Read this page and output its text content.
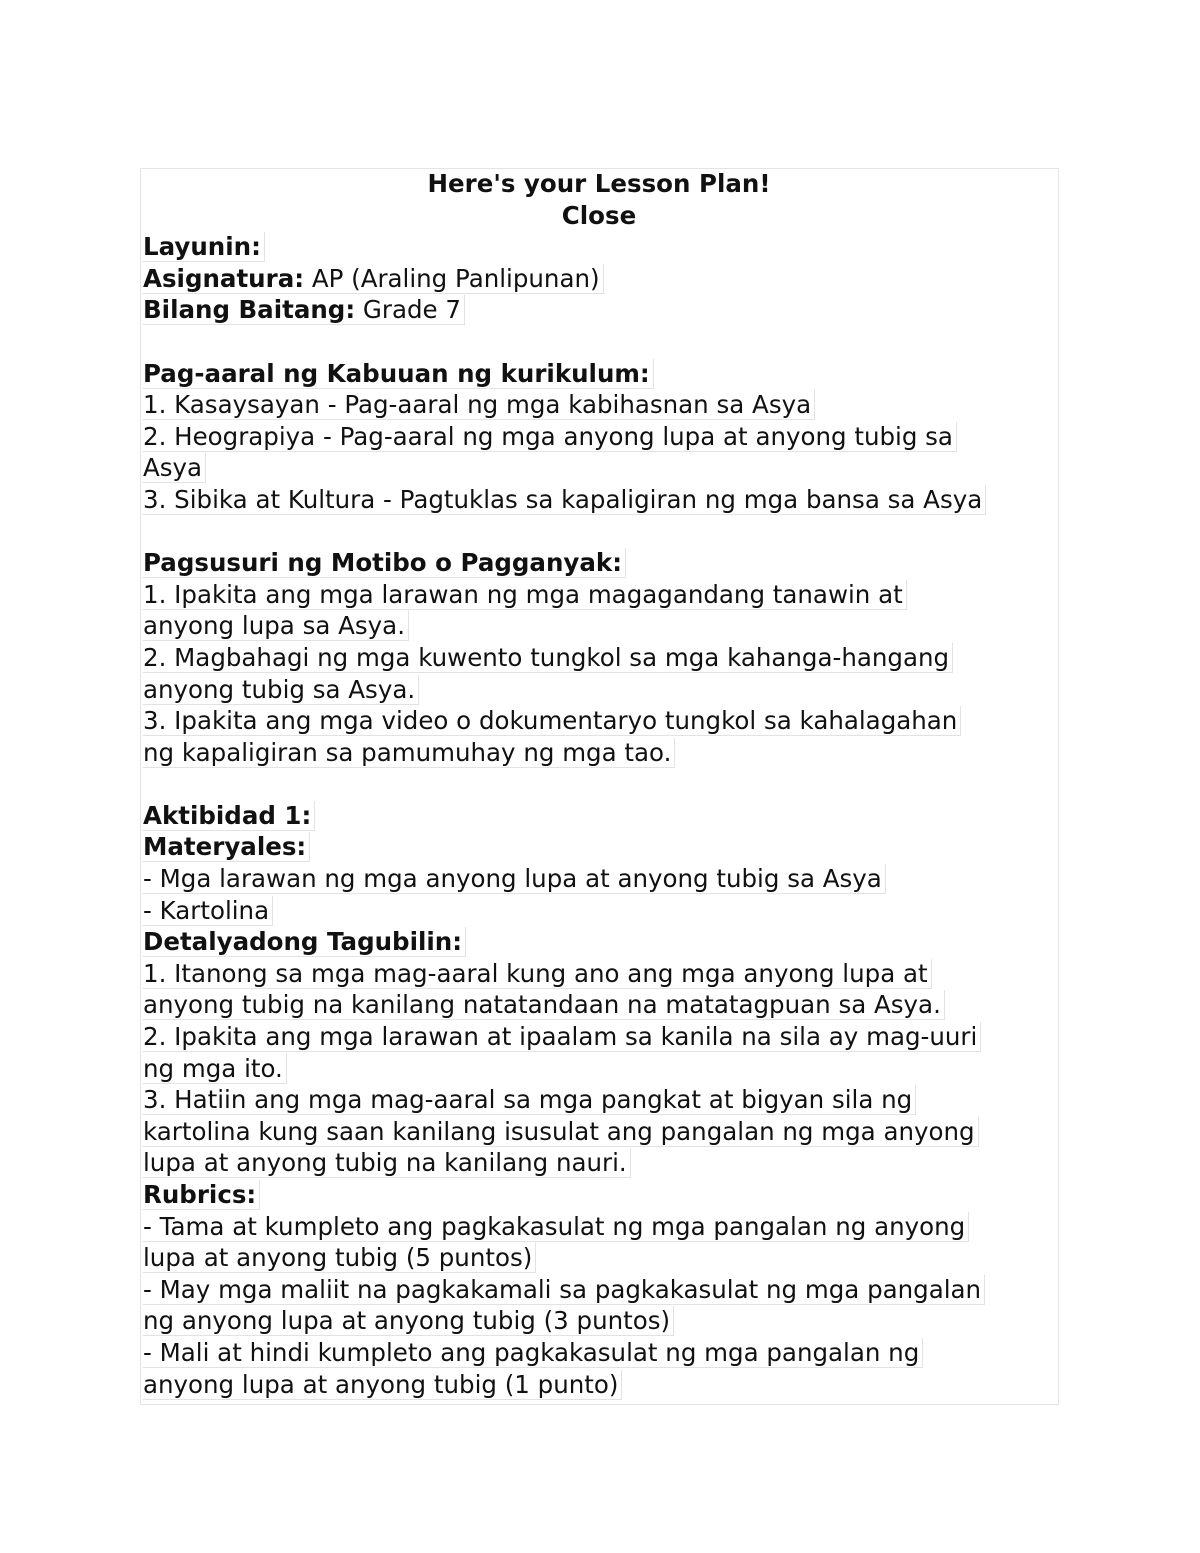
Here's your Lesson Plan!
Close
Layunin:
Asignatura: AP (Araling Panlipunan)
Bilang Baitang: Grade 7
Pag-aaral ng Kabuuan ng kurikulum:
1. Kasaysayan - Pag-aaral ng mga kabihasnan sa Asya
2. Heograpiya - Pag-aaral ng mga anyong lupa at anyong tubig sa
Asya
3. Sibika at Kultura - Pagtuklas sa kapaligiran ng mga bansa sa Asya
Pagsusuri ng Motibo o Pagganyak:
1. Ipakita ang mga larawan ng mga magagandang tanawin at
anyong lupa sa Asya.
2. Magbahagi ng mga kuwento tungkol sa mga kahanga-hangang
anyong tubig sa Asya.
3. Ipakita ang mga video o dokumentaryo tungkol sa kahalagahan
ng kapaligiran sa pamumuhay ng mga tao.
Aktibidad 1:
Materyales:
- Mga larawan ng mga anyong lupa at anyong tubig sa Asya
- Kartolina
Detalyadong Tagubilin:
1. Itanong sa mga mag-aaral kung ano ang mga anyong lupa at
anyong tubig na kanilang natatandaan na matatagpuan sa Asya.
2. Ipakita ang mga larawan at ipaalam sa kanila na sila ay mag-uuri
ng mga ito.
3. Hatiin ang mga mag-aaral sa mga pangkat at bigyan sila ng
kartolina kung saan kanilang isusulat ang pangalan ng mga anyong
lupa at anyong tubig na kanilang nauri.
Rubrics:
- Tama at kumpleto ang pagkakasulat ng mga pangalan ng anyong
lupa at anyong tubig (5 puntos)
- May mga maliit na pagkakamali sa pagkakasulat ng mga pangalan
ng anyong lupa at anyong tubig (3 puntos)
- Mali at hindi kumpleto ang pagkakasulat ng mga pangalan ng
anyong lupa at anyong tubig (1 punto)
